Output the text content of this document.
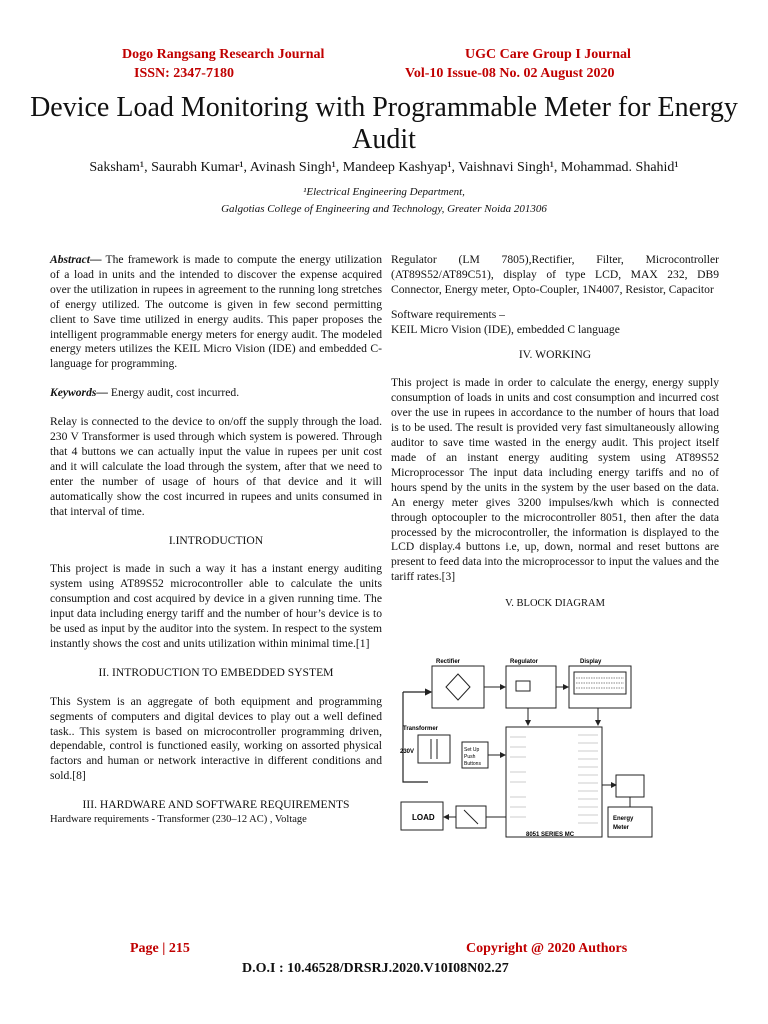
Dogo Rangsang Research Journal
ISSN: 2347-7180
UGC Care Group I Journal
Vol-10 Issue-08 No. 02 August 2020
Device Load Monitoring with Programmable Meter for Energy Audit
Saksham¹, Saurabh Kumar¹, Avinash Singh¹, Mandeep Kashyap¹, Vaishnavi Singh¹, Mohammad. Shahid¹
¹Electrical Engineering Department,
Galgotias College of Engineering and Technology, Greater Noida 201306

Abstract— The framework is made to compute the energy utilization of a load in units and the intended to discover the expense acquired over the utilization in rupees in agreement to the running long stretches of energy utilized. The outcome is given in few second permitting client to Save time utilized in energy audits. This paper proposes the intelligent programmable energy meters for energy audit. The modeled energy meters utilizes the KEIL Micro Vision (IDE) and embedded C-language for programming.

Keywords— Energy audit, cost incurred.

Relay is connected to the device to on/off the supply through the load. 230 V Transformer is used through which system is powered. Through that 4 buttons we can actually input the value in rupees per unit cost and it will calculate the load through the system, after that we need to enter the number of usage of hours of that device and it will automatically show the cost incurred in rupees and units consumed in that interval of time.

I.INTRODUCTION

This project is made in such a way it has a instant energy auditing system using AT89S52 microcontroller able to calculate the units consumption and cost acquired by device in a given running time. The input data including energy tariff and the number of hour’s device is to be used as input by the auditor into the system. In respect to the system instantly shows the cost and units utilization within minimal time.[1]

II. INTRODUCTION TO EMBEDDED SYSTEM

This System is an aggregate of both equipment and programming segments of computers and digital devices to play out a well defined task.. This system is based on microcontroller programming driven, dependable, control is functioned easily, working on assorted physical factors and human or network interactive in different conditions and sold.[8]

III. HARDWARE AND SOFTWARE REQUIREMENTS

Hardware requirements - Transformer (230–12 AC) , Voltage

Regulator (LM 7805),Rectifier, Filter, Microcontroller (AT89S52/AT89C51), display of type LCD, MAX 232, DB9 Connector, Energy meter, Opto-Coupler, 1N4007, Resistor, Capacitor

Software requirements –

KEIL Micro Vision (IDE), embedded C language

IV. WORKING

This project is made in order to calculate the energy, energy supply consumption of loads in units and cost consumption and incurred cost over the use in rupees in accordance to the number of hours that load is to be used. The result is provided very fast simultaneously allowing auditor to save time wasted in the energy audit. This project itself made of an instant energy auditing system using AT89S52 Microprocessor The input data including energy tariffs and no of hours spend by the units in the system by the user based on the data. An energy meter gives 3200 impulses/kwh which is connected through optocoupler to the microcontroller 8051, then after the data processed by the microcontroller, the information is displayed to the LCD display.4 buttons i.e, up, down, normal and reset buttons are present to feed data into the microprocessor to input the values and the tariff rates.[3]

V. BLOCK DIAGRAM

Rectifier	Regulator	Display
Transformer
230V	Set Up
Push
Buttons
8051 SERIES MC
Energy
Meter
LOAD
Page | 215	Copyright @ 2020 Authors
D.O.I : 10.46528/DRSRJ.2020.V10I08N02.27
